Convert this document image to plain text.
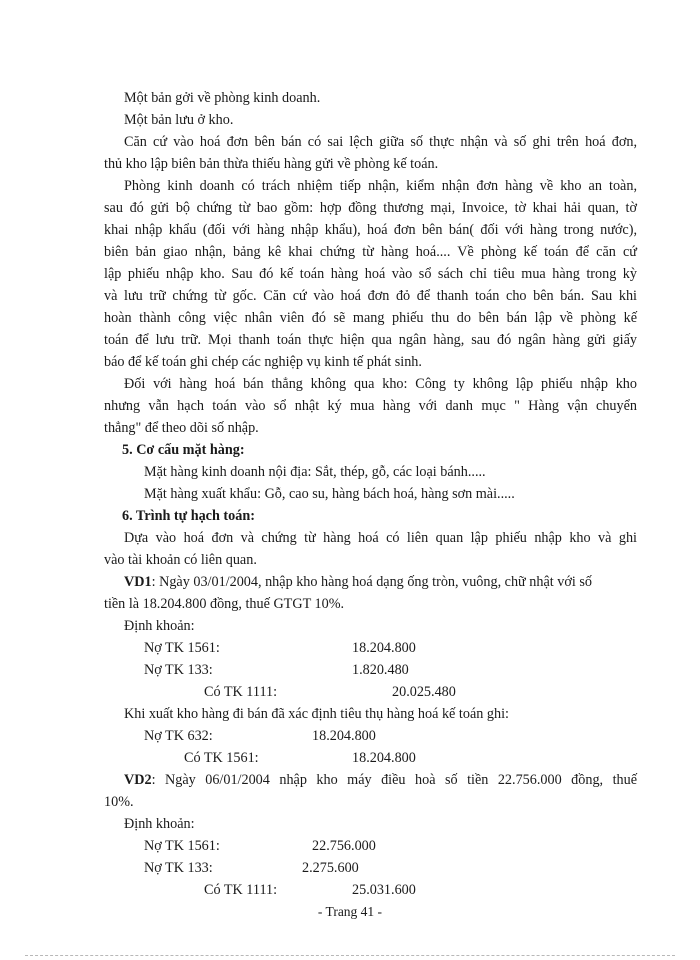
Một bản gởi về phòng kinh doanh.
Một bản lưu ở kho.
Căn cứ vào hoá đơn bên bán có sai lệch giữa số thực nhận và số ghi trên hoá đơn,
thủ kho lập biên bản thừa thiếu hàng gửi về phòng kế toán.
Phòng kinh doanh có trách nhiệm tiếp nhận, kiểm nhận đơn hàng về kho an toàn,
sau đó gửi bộ chứng từ bao gồm: hợp đồng thương mại, Invoice, tờ khai hải quan, tờ
khai nhập khẩu (đối với hàng nhập khẩu), hoá đơn bên bán( đối với hàng trong nước),
biên bản giao nhận, bảng kê khai chứng từ hàng hoá.... Về phòng kế toán để căn cứ
lập phiếu nhập kho. Sau đó kế toán hàng hoá vào sổ sách chỉ tiêu mua hàng trong kỳ
và lưu trữ chứng từ gốc. Căn cứ vào hoá đơn đỏ để thanh toán cho bên bán. Sau khi
hoàn thành công việc nhân viên đó sẽ mang phiếu thu do bên bán lập về phòng kế
toán để lưu trữ. Mọi thanh toán thực hiện qua ngân hàng, sau đó ngân hàng gửi giấy
báo để kế toán ghi chép các nghiệp vụ kinh tế phát sinh.
Đối với hàng hoá bán thẳng không qua kho: Công ty không lập phiếu nhập kho
nhưng vẫn hạch toán vào sổ nhật ký mua hàng với danh mục " Hàng vận chuyển
thẳng" để theo dõi số nhập.
5. Cơ cấu mặt hàng:
Mặt hàng kinh doanh nội địa: Sắt, thép, gỗ, các loại bánh.....
Mặt hàng xuất khẩu: Gỗ, cao su, hàng bách hoá, hàng sơn mài.....
6. Trình tự hạch toán:
Dựa vào hoá đơn và chứng từ hàng hoá có liên quan lập phiếu nhập kho và ghi
vào tài khoản có liên quan.
VD1: Ngày 03/01/2004, nhập kho hàng hoá dạng ống tròn, vuông, chữ nhật với số
tiền là 18.204.800 đồng, thuế GTGT 10%.
Định khoản:
Nợ TK 1561:	18.204.800
Nợ TK 133:	1.820.480
Có TK 1111:	20.025.480
Khi xuất kho hàng đi bán đã xác định tiêu thụ hàng hoá kế toán ghi:
Nợ TK 632:	18.204.800
Có TK 1561:	18.204.800
VD2: Ngày 06/01/2004 nhập kho máy điều hoà số tiền 22.756.000 đồng, thuế
10%.
Định khoản:
Nợ TK 1561:	22.756.000
Nợ TK 133:	2.275.600
Có TK 1111:	25.031.600
- Trang 41 -
